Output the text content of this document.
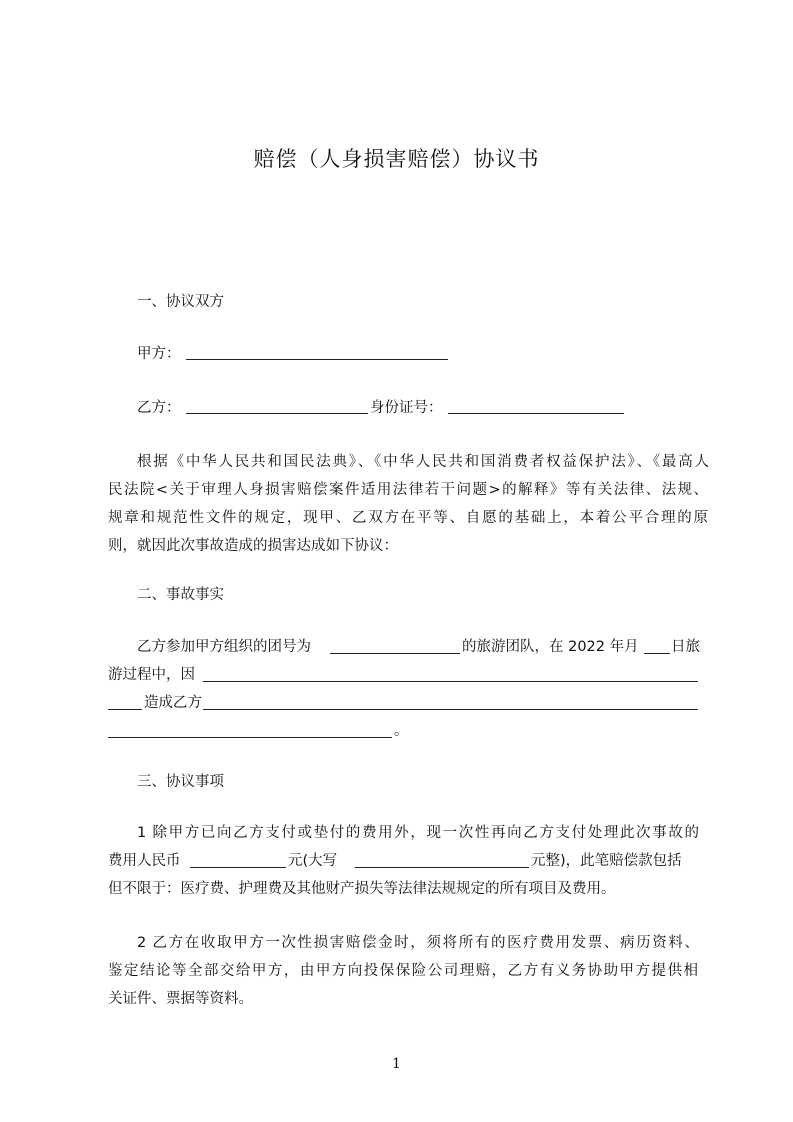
赔偿（人身损害赔偿）协议书
一、协议双方
甲方：
乙方：	身份证号：
根据《中华人民共和国民法典》、《中华人民共和国消费者权益保护法》、《最高人
民法院<关于审理人身损害赔偿案件适用法律若干问题>的解释》等有关法律、法规、
规章和规范性文件的规定，现甲、乙双方在平等、自愿的基础上，本着公平合理的原
则，就因此次事故造成的损害达成如下协议：
二、事故事实
乙方参加甲方组织的团号为	的旅游团队，在 2022 年月 日旅
游过程中，因
造成乙方
。
三、协议事项
1 除甲方已向乙方支付或垫付的费用外，现一次性再向乙方支付处理此次事故的
费用人民币	元(大写	元整)，此笔赔偿款包括
但不限于：医疗费、护理费及其他财产损失等法律法规规定的所有项目及费用。
2 乙方在收取甲方一次性损害赔偿金时，须将所有的医疗费用发票、病历资料、
鉴定结论等全部交给甲方，由甲方向投保保险公司理赔，乙方有义务协助甲方提供相
关证件、票据等资料。
1
